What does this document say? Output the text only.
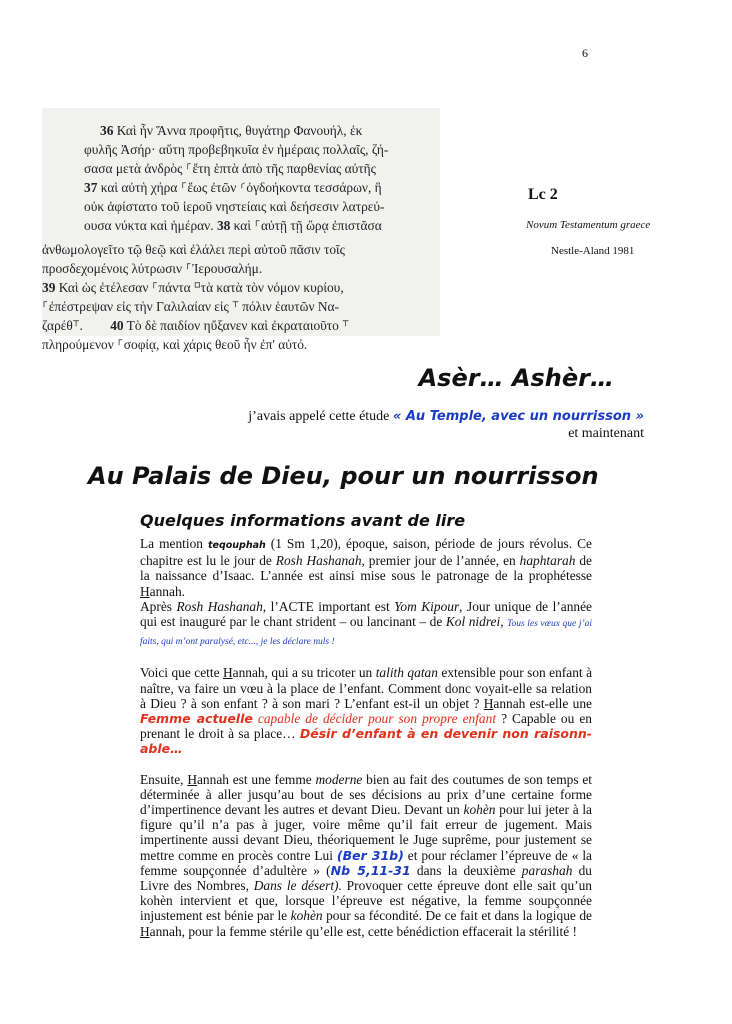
6
36 Καὶ ἦν Ἅννα προφῆτις, θυγάτηρ Φανουήλ, ἐκ
φυλῆς Ἀσήρ· αὕτη προβεβηκυῖα ἐν ἡμέραις πολλαῖς, ζή-
σασα μετὰ ἀνδρὸς ⸀ἔτη ἑπτὰ ἀπὸ τῆς παρθενίας αὐτῆς
37 καὶ αὐτὴ χήρα ⸀ἕως ἐτῶν ⸂ὀγδοήκοντα τεσσάρων, ἣ
οὐκ ἀφίστατο τοῦ ἱεροῦ νηστείαις καὶ δεήσεσιν λατρεύ-
ουσα νύκτα καὶ ἡμέραν. 38 καὶ ⸀αὐτῇ τῇ ὥρᾳ ἐπιστᾶσα
ἀνθωμολογεῖτο τῷ θεῷ καὶ ἐλάλει περὶ αὐτοῦ πᾶσιν τοῖς
προσδεχομένοις λύτρωσιν ⸀Ἰερουσαλήμ.
39 Καὶ ὡς ἐτέλεσαν ⸀πάντα ⸋τὰ κατὰ τὸν νόμον κυρίου,
⸀ἐπέστρεψαν εἰς τὴν Γαλιλαίαν εἰς ⸆ πόλιν ἑαυτῶν Να-
ζαρέθ⸆. 40 Τὸ δὲ παιδίον ηὔξανεν καὶ ἐκραταιοῦτο ⸆
πληρούμενον ⸀σοφίᾳ, καὶ χάρις θεοῦ ἦν ἐπ' αὐτό.
Lc 2
Novum Testamentum graece
Nestle-Aland 1981
Asèr… Ashèr…
j’avais appelé cette étude « Au Temple, avec un nourrisson »
et maintenant
Au Palais de Dieu, pour un nourrisson
Quelques informations avant de lire

La mention teqouphah (1 Sm 1,20), époque, saison, période de jours révolus. Ce chapitre est lu le jour de Rosh Hashanah, premier jour de l’année, en haphtarah de la naissance d’Isaac. L’année est ainsi mise sous le patronage de la prophétesse Hannah.

Après Rosh Hashanah, l’ACTE important est Yom Kipour, Jour unique de l’année qui est inauguré par le chant strident – ou lancinant – de Kol nidrei, Tous les vœux que j’ai faits, qui m’ont paralysé, etc..., je les déclare nuls !

Voici que cette Hannah, qui a su tricoter un talith qatan extensible pour son enfant à naître, va faire un vœu à la place de l’enfant. Comment donc voyait-elle sa relation à Dieu ? à son enfant ? à son mari ? L’enfant est-il un objet ? Hannah est-elle une Femme actuelle capable de décider pour son propre enfant ? Capable ou en prenant le droit à sa place… Désir d’enfant à en devenir non raisonn-able…

Ensuite, Hannah est une femme moderne bien au fait des coutumes de son temps et déterminée à aller jusqu’au bout de ses décisions au prix d’une certaine forme d’impertinence devant les autres et devant Dieu. Devant un kohèn pour lui jeter à la figure qu’il n’a pas à juger, voire même qu’il fait erreur de jugement. Mais impertinente aussi devant Dieu, théoriquement le Juge suprême, pour justement se mettre comme en procès contre Lui (Ber 31b) et pour réclamer l’épreuve de « la femme soupçonnée d’adultère » (Nb 5,11-31 dans la deuxième parashah du Livre des Nombres, Dans le désert). Provoquer cette épreuve dont elle sait qu’un kohèn intervient et que, lorsque l’épreuve est négative, la femme soupçonnée injustement est bénie par le kohèn pour sa fécondité. De ce fait et dans la logique de Hannah, pour la femme stérile qu’elle est, cette bénédiction effacerait la stérilité !
